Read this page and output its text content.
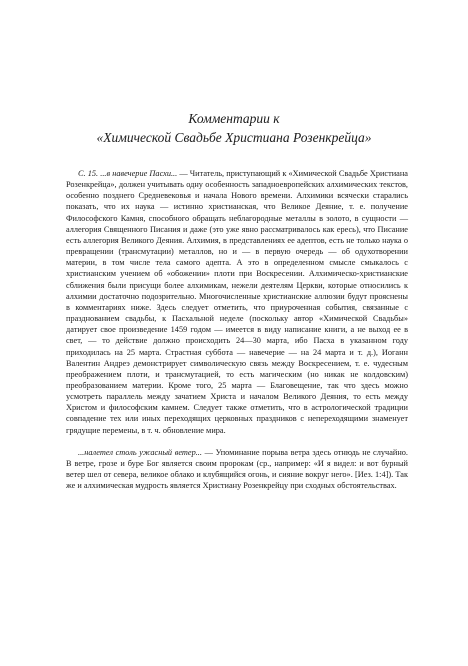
Комментарии к
«Химической Свадьбе Христиана Розенкрейца»

С. 15. ...в навечерие Пасхи... — Читатель, приступающий к «Химической Свадьбе Христиана Розенкрейца», должен учитывать одну особенность западноевропейских алхимических текстов, особенно позднего Средневековья и начала Нового времени. Алхимики всячески старались показать, что их наука — истинно христианская, что Великое Деяние, т. е. получение Философского Камня, способного обращать неблагородные металлы в золото, в сущности — аллегория Священного Писания и даже (это уже явно рассматривалось как ересь), что Писание есть аллегория Великого Деяния. Алхимия, в представлениях ее адептов, есть не только наука о превращении (трансмутации) металлов, но и — в первую очередь — об одухотворении материи, в том числе тела самого адепта. А это в определенном смысле смыкалось с христианским учением об «обожении» плоти при Воскресении. Алхимическо-христианские сближения были присущи более алхимикам, нежели деятелям Церкви, которые относились к алхимии достаточно подозрительно. Многочисленные христианские аллюзии будут прояснены в комментариях ниже. Здесь следует отметить, что приуроченная события, связанные с празднованием свадьбы, к Пасхальной неделе (поскольку автор «Химической Свадьбы» датирует свое произведение 1459 годом — имеется в виду написание книги, а не выход ее в свет, — то действие должно происходить 24—30 марта, ибо Пасха в указанном году приходилась на 25 марта. Страстная суббота — навечерие — на 24 марта и т. д.), Иоганн Валентин Андреэ демонстрирует символическую связь между Воскресением, т. е. чудесным преображением плоти, и трансмутацией, то есть магическим (но никак не колдовским) преобразованием материи. Кроме того, 25 марта — Благовещение, так что здесь можно усмотреть параллель между зачатием Христа и началом Великого Деяния, то есть между Христом и философским камнем. Следует также отметить, что в астрологической традиции совпадение тех или иных переходящих церковных праздников с непереходящими знаменует грядущие перемены, в т. ч. обновление мира.

...налетел столь ужасный ветер... — Упоминание порыва ветра здесь отнюдь не случайно. В ветре, грозе и буре Бог является своим пророкам (ср., например: «И я видел: и вот бурный ветер шел от севера, великое облако и клубящийся огонь, и сияние вокруг него». [Иез. 1:4]). Так же и алхимическая мудрость является Христиану Розенкрейцу при сходных обстоятельствах.
